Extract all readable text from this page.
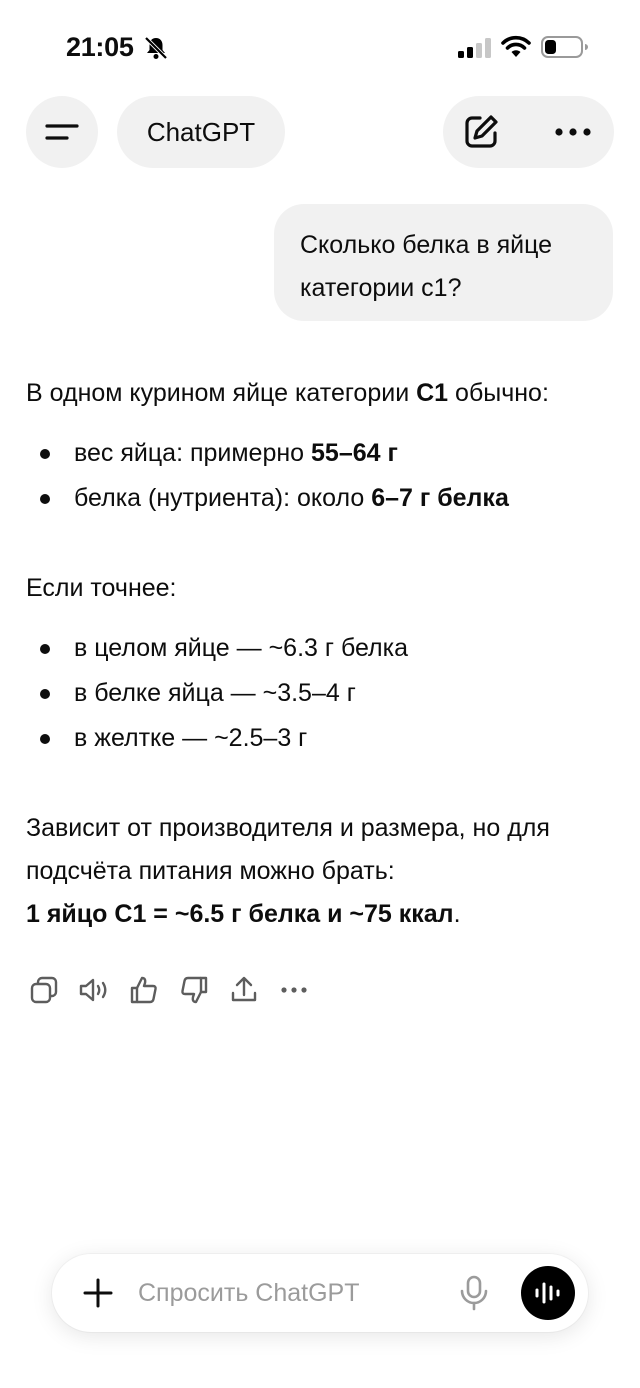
21:05
ChatGPT
Сколько белка в яйце категории с1?

В одном курином яйце категории С1 обычно:

вес яйца: примерно 55–64 г
белка (нутриента): около 6–7 г белка

Если точнее:

в целом яйце — ~6.3 г белка
в белке яйца — ~3.5–4 г
в желтке — ~2.5–3 г

Зависит от производителя и размера, но для подсчёта питания можно брать:
1 яйцо С1 = ~6.5 г белка и ~75 ккал.

Спросить ChatGPT
